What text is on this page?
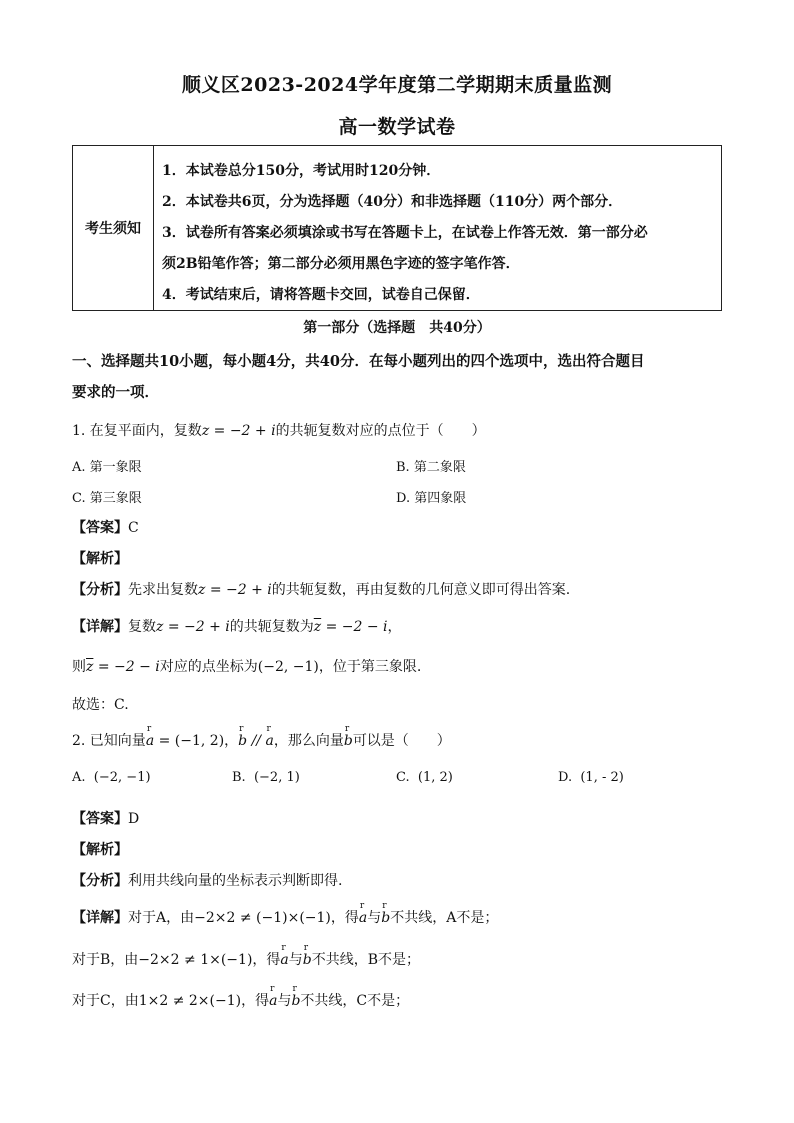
顺义区2023-2024学年度第二学期期末质量监测
高一数学试卷
考生须知
1．本试卷总分150分，考试用时120分钟．
2．本试卷共6页，分为选择题（40分）和非选择题（110分）两个部分．
3．试卷所有答案必须填涂或书写在答题卡上，在试卷上作答无效．第一部分必
须2B铅笔作答；第二部分必须用黑色字迹的签字笔作答．
4．考试结束后，请将答题卡交回，试卷自己保留．
第一部分（选择题　共40分）
一、选择题共10小题，每小题4分，共40分．在每小题列出的四个选项中，选出符合题目
要求的一项．
1. 在复平面内，复数z = −2 + i的共轭复数对应的点位于（　　）
A. 第一象限	B. 第二象限
C. 第三象限	D. 第四象限
【答案】C
【解析】
【分析】先求出复数z = −2 + i的共轭复数，再由复数的几何意义即可得出答案.
【详解】复数z = −2 + i的共轭复数为$\overline{z} = -2 - i$，
则$\overline{z} = -2 - i$对应的点坐标为(−2, −1)，位于第三象限.
故选：C.
2. 已知向量
r
a = (−1, 2)，
r
b //
r
a，那么向量
r
b可以是（　　）
A. (−2, −1)	B. (−2, 1)	C. (1, 2)	D. (1, - 2)
【答案】D
【解析】
【分析】利用共线向量的坐标表示判断即得.
【详解】对于A，由−2×2 ≠ (−1)×(−1)，得
r
a与
r
b不共线，A不是；
对于B，由−2×2 ≠ 1×(−1)，得
r
a与
r
b不共线，B不是；
对于C，由1×2 ≠ 2×(−1)，得
r
a与
r
b不共线，C不是；
